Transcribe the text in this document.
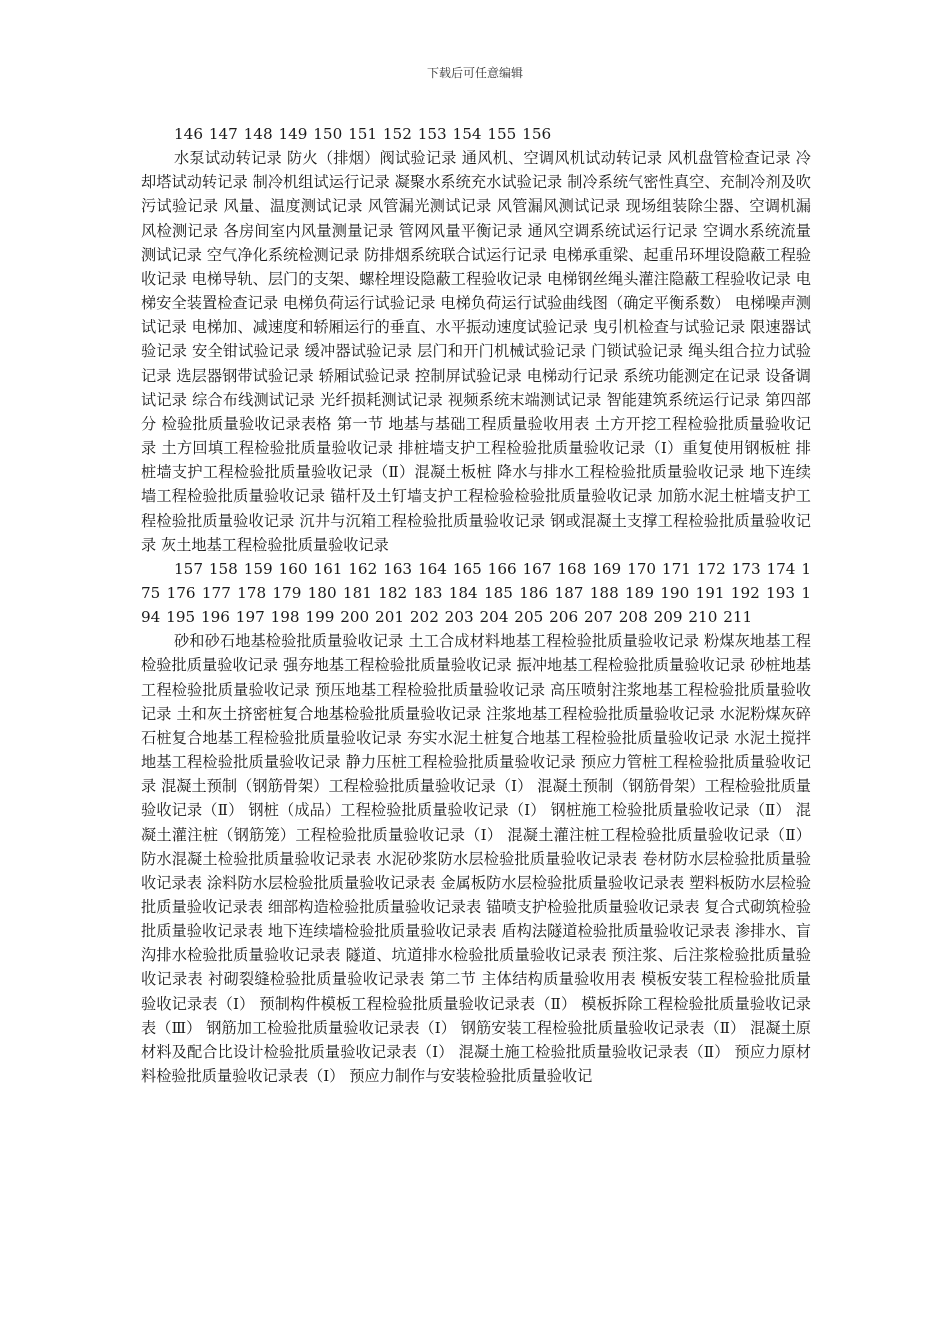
下载后可任意编辑

146 147 148 149 150 151 152 153 154 155 156

水泵试动转记录 防火（排烟）阀试验记录 通风机、空调风机试动转记录 风机盘管检查记录 冷却塔试动转记录 制冷机组试运行记录 凝聚水系统充水试验记录 制冷系统气密性真空、充制冷剂及吹污试验记录 风量、温度测试记录 风管漏光测试记录 风管漏风测试记录 现场组装除尘器、空调机漏风检测记录 各房间室内风量测量记录 管网风量平衡记录 通风空调系统试运行记录 空调水系统流量测试记录 空气净化系统检测记录 防排烟系统联合试运行记录 电梯承重梁、起重吊环埋设隐蔽工程验收记录 电梯导轨、层门的支架、螺栓埋设隐蔽工程验收记录 电梯钢丝绳头灌注隐蔽工程验收记录 电梯安全装置检查记录 电梯负荷运行试验记录 电梯负荷运行试验曲线图（确定平衡系数） 电梯噪声测试记录 电梯加、减速度和轿厢运行的垂直、水平振动速度试验记录 曳引机检查与试验记录 限速器试验记录 安全钳试验记录 缓冲器试验记录 层门和开门机械试验记录 门锁试验记录 绳头组合拉力试验记录 选层器钢带试验记录 轿厢试验记录 控制屏试验记录 电梯动行记录 系统功能测定在记录 设备调试记录 综合布线测试记录 光纤损耗测试记录 视频系统末端测试记录 智能建筑系统运行记录 第四部分 检验批质量验收记录表格 第一节 地基与基础工程质量验收用表 土方开挖工程检验批质量验收记录 土方回填工程检验批质量验收记录 排桩墙支护工程检验批质量验收记录（Ⅰ）重复使用钢板桩 排桩墙支护工程检验批质量验收记录（Ⅱ）混凝土板桩 降水与排水工程检验批质量验收记录 地下连续墙工程检验批质量验收记录 锚杆及土钉墙支护工程检验检验批质量验收记录 加筋水泥土桩墙支护工程检验批质量验收记录 沉井与沉箱工程检验批质量验收记录 钢或混凝土支撑工程检验批质量验收记录 灰土地基工程检验批质量验收记录

157 158 159 160 161 162 163 164 165 166 167 168 169 170 171 172 173 174 175 176 177 178 179 180 181 182 183 184 185 186 187 188 189 190 191 192 193 194 195 196 197 198 199 200 201 202 203 204 205 206 207 208 209 210 211

砂和砂石地基检验批质量验收记录 土工合成材料地基工程检验批质量验收记录 粉煤灰地基工程检验批质量验收记录 强夯地基工程检验批质量验收记录 振冲地基工程检验批质量验收记录 砂桩地基工程检验批质量验收记录 预压地基工程检验批质量验收记录 高压喷射注浆地基工程检验批质量验收记录 土和灰土挤密桩复合地基检验批质量验收记录 注浆地基工程检验批质量验收记录 水泥粉煤灰碎石桩复合地基工程检验批质量验收记录 夯实水泥土桩复合地基工程检验批质量验收记录 水泥土搅拌地基工程检验批质量验收记录 静力压桩工程检验批质量验收记录 预应力管桩工程检验批质量验收记录 混凝土预制（钢筋骨架）工程检验批质量验收记录（Ⅰ） 混凝土预制（钢筋骨架）工程检验批质量验收记录（Ⅱ） 钢桩（成品）工程检验批质量验收记录（Ⅰ） 钢桩施工检验批质量验收记录（Ⅱ） 混凝土灌注桩（钢筋笼）工程检验批质量验收记录（Ⅰ） 混凝土灌注桩工程检验批质量验收记录（Ⅱ） 防水混凝土检验批质量验收记录表 水泥砂浆防水层检验批质量验收记录表 卷材防水层检验批质量验收记录表 涂料防水层检验批质量验收记录表 金属板防水层检验批质量验收记录表 塑料板防水层检验批质量验收记录表 细部构造检验批质量验收记录表 锚喷支护检验批质量验收记录表 复合式砌筑检验批质量验收记录表 地下连续墙检验批质量验收记录表 盾构法隧道检验批质量验收记录表 渗排水、盲沟排水检验批质量验收记录表 隧道、坑道排水检验批质量验收记录表 预注浆、后注浆检验批质量验收记录表 衬砌裂缝检验批质量验收记录表 第二节 主体结构质量验收用表 模板安装工程检验批质量验收记录表（Ⅰ） 预制构件模板工程检验批质量验收记录表（Ⅱ） 模板拆除工程检验批质量验收记录表（Ⅲ） 钢筋加工检验批质量验收记录表（Ⅰ） 钢筋安装工程检验批质量验收记录表（Ⅱ） 混凝土原材料及配合比设计检验批质量验收记录表（Ⅰ） 混凝土施工检验批质量验收记录表（Ⅱ） 预应力原材料检验批质量验收记录表（Ⅰ） 预应力制作与安装检验批质量验收记
